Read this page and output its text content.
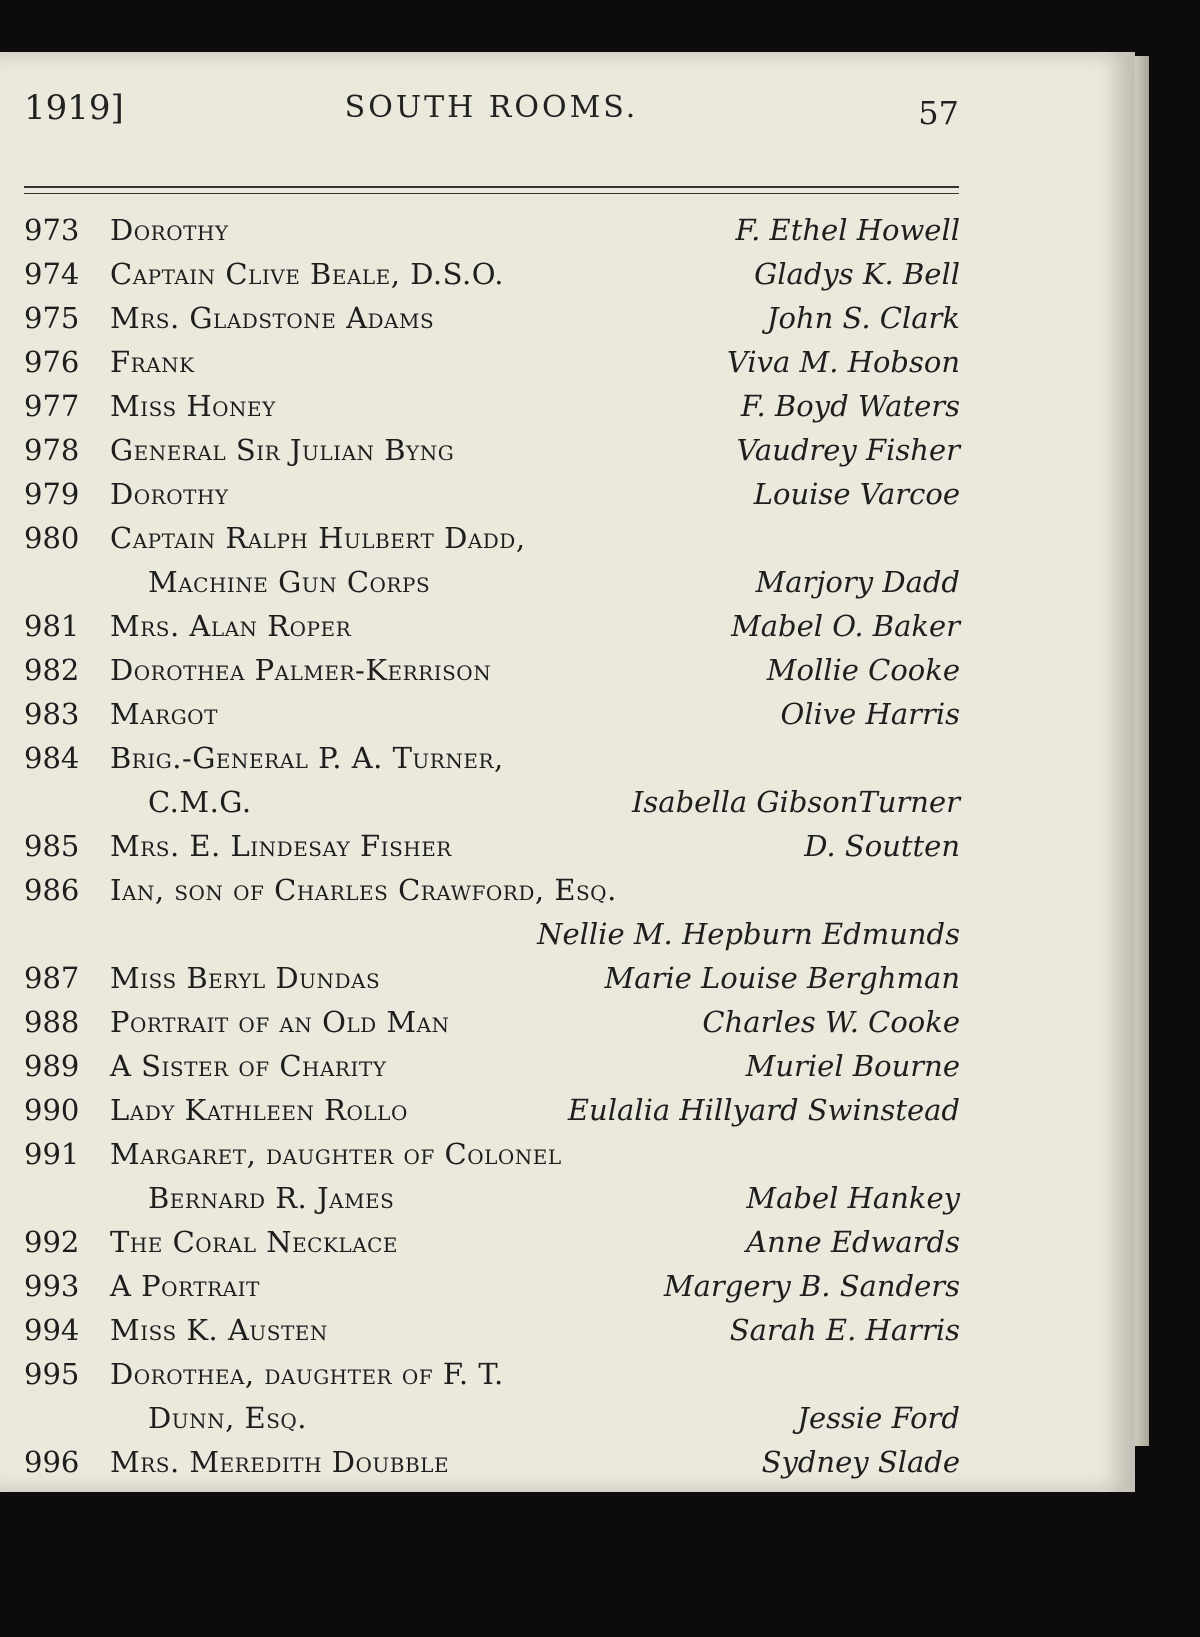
1919]	SOUTH ROOMS.	57
973	Dorothy	F. Ethel Howell
974	Captain Clive Beale, D.S.O.	Gladys K. Bell
975	Mrs. Gladstone Adams	John S. Clark
976	Frank	Viva M. Hobson
977	Miss Honey	F. Boyd Waters
978	General Sir Julian Byng	Vaudrey Fisher
979	Dorothy	Louise Varcoe
980	Captain Ralph Hulbert Dadd,
Machine Gun Corps	Marjory Dadd
981	Mrs. Alan Roper	Mabel O. Baker
982	Dorothea Palmer-Kerrison	Mollie Cooke
983	Margot	Olive Harris
984	Brig.-General P. A. Turner,
C.M.G.	Isabella GibsonTurner
985	Mrs. E. Lindesay Fisher	D. Soutten
986	Ian, son of Charles Crawford, Esq.
Nellie M. Hepburn Edmunds
987	Miss Beryl Dundas	Marie Louise Berghman
988	Portrait of an Old Man	Charles W. Cooke
989	A Sister of Charity	Muriel Bourne
990	Lady Kathleen Rollo	Eulalia Hillyard Swinstead
991	Margaret, daughter of Colonel
Bernard R. James	Mabel Hankey
992	The Coral Necklace	Anne Edwards
993	A Portrait	Margery B. Sanders
994	Miss K. Austen	Sarah E. Harris
995	Dorothea, daughter of F. T.
Dunn, Esq.	Jessie Ford
996	Mrs. Meredith Doubble	Sydney Slade
